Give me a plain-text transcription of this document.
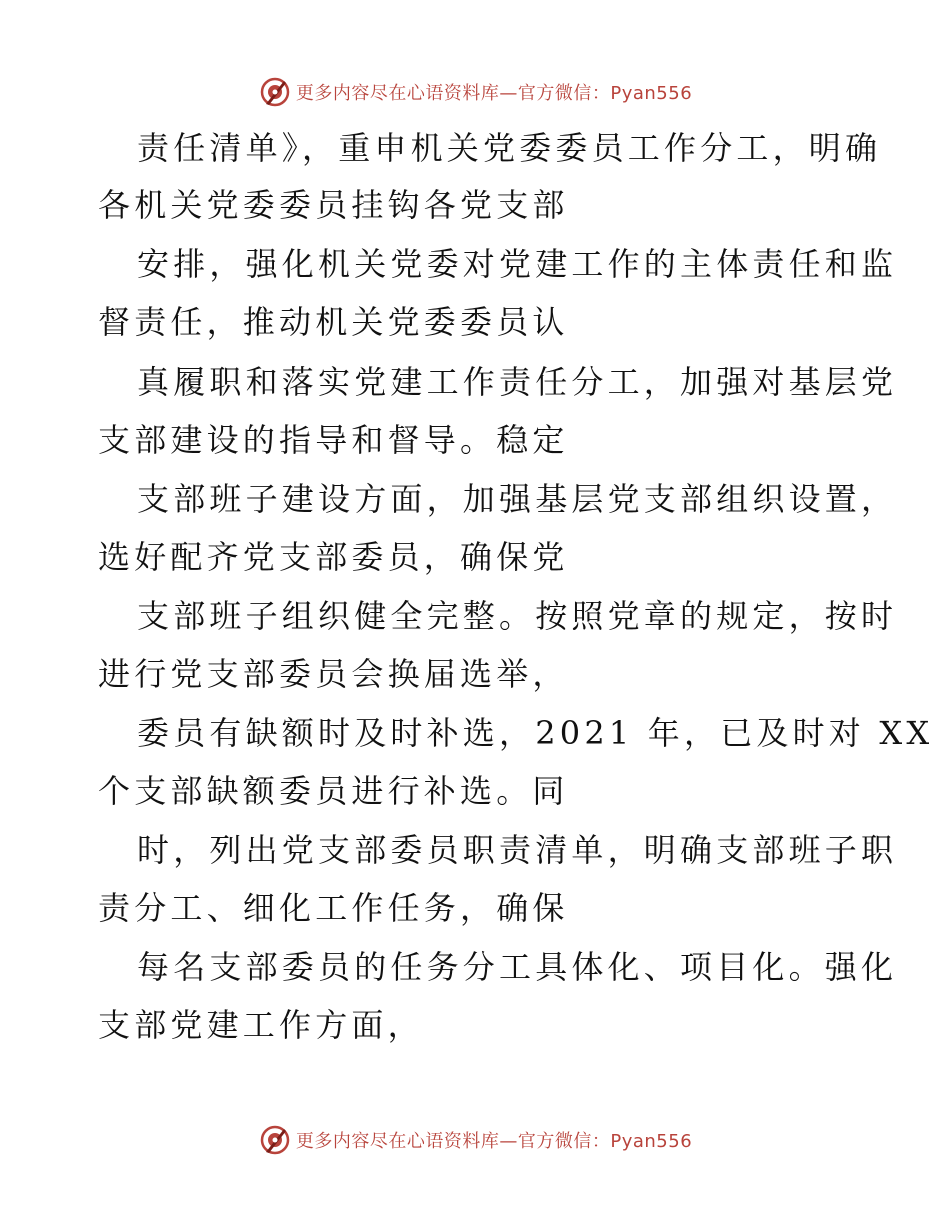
更多内容尽在心语资料库—官方微信：Pyan556
责任清单》，重申机关党委委员工作分工，明确
各机关党委委员挂钩各党支部
安排，强化机关党委对党建工作的主体责任和监
督责任，推动机关党委委员认
真履职和落实党建工作责任分工，加强对基层党
支部建设的指导和督导。稳定
支部班子建设方面，加强基层党支部组织设置，
选好配齐党支部委员，确保党
支部班子组织健全完整。按照党章的规定，按时
进行党支部委员会换届选举，
委员有缺额时及时补选，2021 年，已及时对 XX
个支部缺额委员进行补选。同
时，列出党支部委员职责清单，明确支部班子职
责分工、细化工作任务，确保
每名支部委员的任务分工具体化、项目化。强化
支部党建工作方面，
更多内容尽在心语资料库—官方微信：Pyan556
